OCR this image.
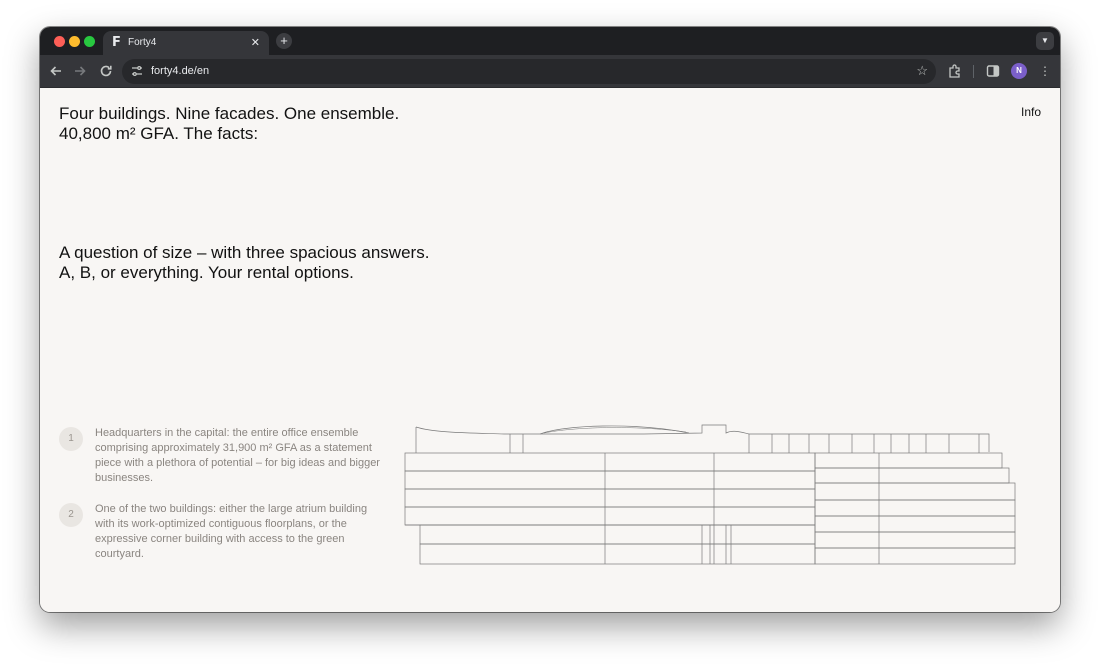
F Forty4	✕	+	▼
forty4.de/en	☆	N	⋮
Four buildings. Nine facades. One ensemble.
40,800 m² GFA. The facts:
Info
A question of size – with three spacious answers.
A, B, or everything. Your rental options.
1	Headquarters in the capital: the entire office ensemble comprising approximately 31,900 m² GFA as a statement piece with a plethora of potential – for big ideas and bigger businesses.
2	One of the two buildings: either the large atrium building with its work-optimized contiguous floorplans, or the expressive corner building with access to the green courtyard.
